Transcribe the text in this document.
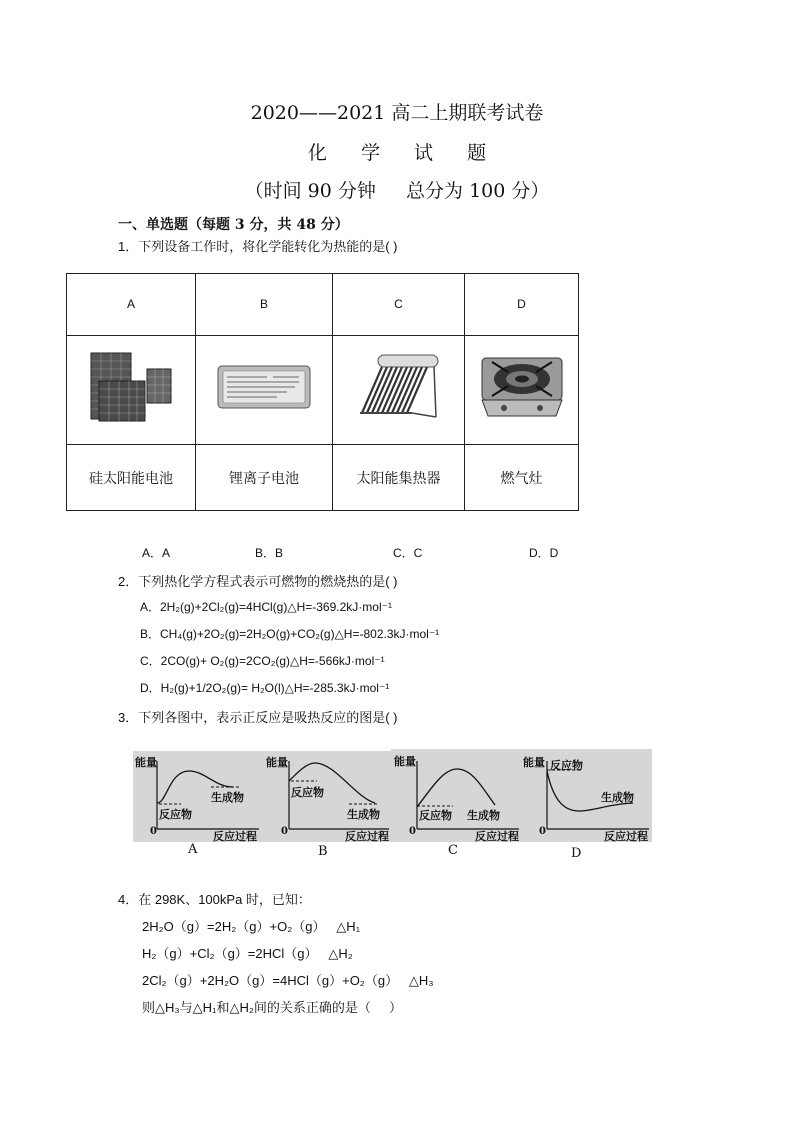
2020——2021 高二上期联考试卷
化 学 试 题
（时间 90 分钟     总分为 100 分）
一、单选题（每题 3 分，共 48 分）
1．下列设备工作时，将化学能转化为热能的是( )
A	B	C	D

硅太阳能电池	锂离子电池	太阳能集热器	燃气灶
A．A	B．B	C．C	D．D
2．下列热化学方程式表示可燃物的燃烧热的是( )
A．2H₂(g)+2Cl₂(g)=4HCl(g)△H=-369.2kJ·mol⁻¹
B．CH₄(g)+2O₂(g)=2H₂O(g)+CO₂(g)△H=-802.3kJ·mol⁻¹
C．2CO(g)+ O₂(g)=2CO₂(g)△H=-566kJ·mol⁻¹
D．H₂(g)+1/2O₂(g)= H₂O(l)△H=-285.3kJ·mol⁻¹
3．下列各图中，表示正反应是吸热反应的图是( )
能量
生成物
反应物
0	反应过程
A
能量
反应物
生成物
0	反应过程
B
能量
反应物 生成物
0	反应过程
C
能量 反应物
生成物
0	反应过程
D
4．在 298K、100kPa 时，已知：
2H₂O（g）=2H₂（g）+O₂（g）   △H₁
H₂（g）+Cl₂（g）=2HCl（g）   △H₂
2Cl₂（g）+2H₂O（g）=4HCl（g）+O₂（g）   △H₃
则△H₃与△H₁和△H₂间的关系正确的是（     ）
